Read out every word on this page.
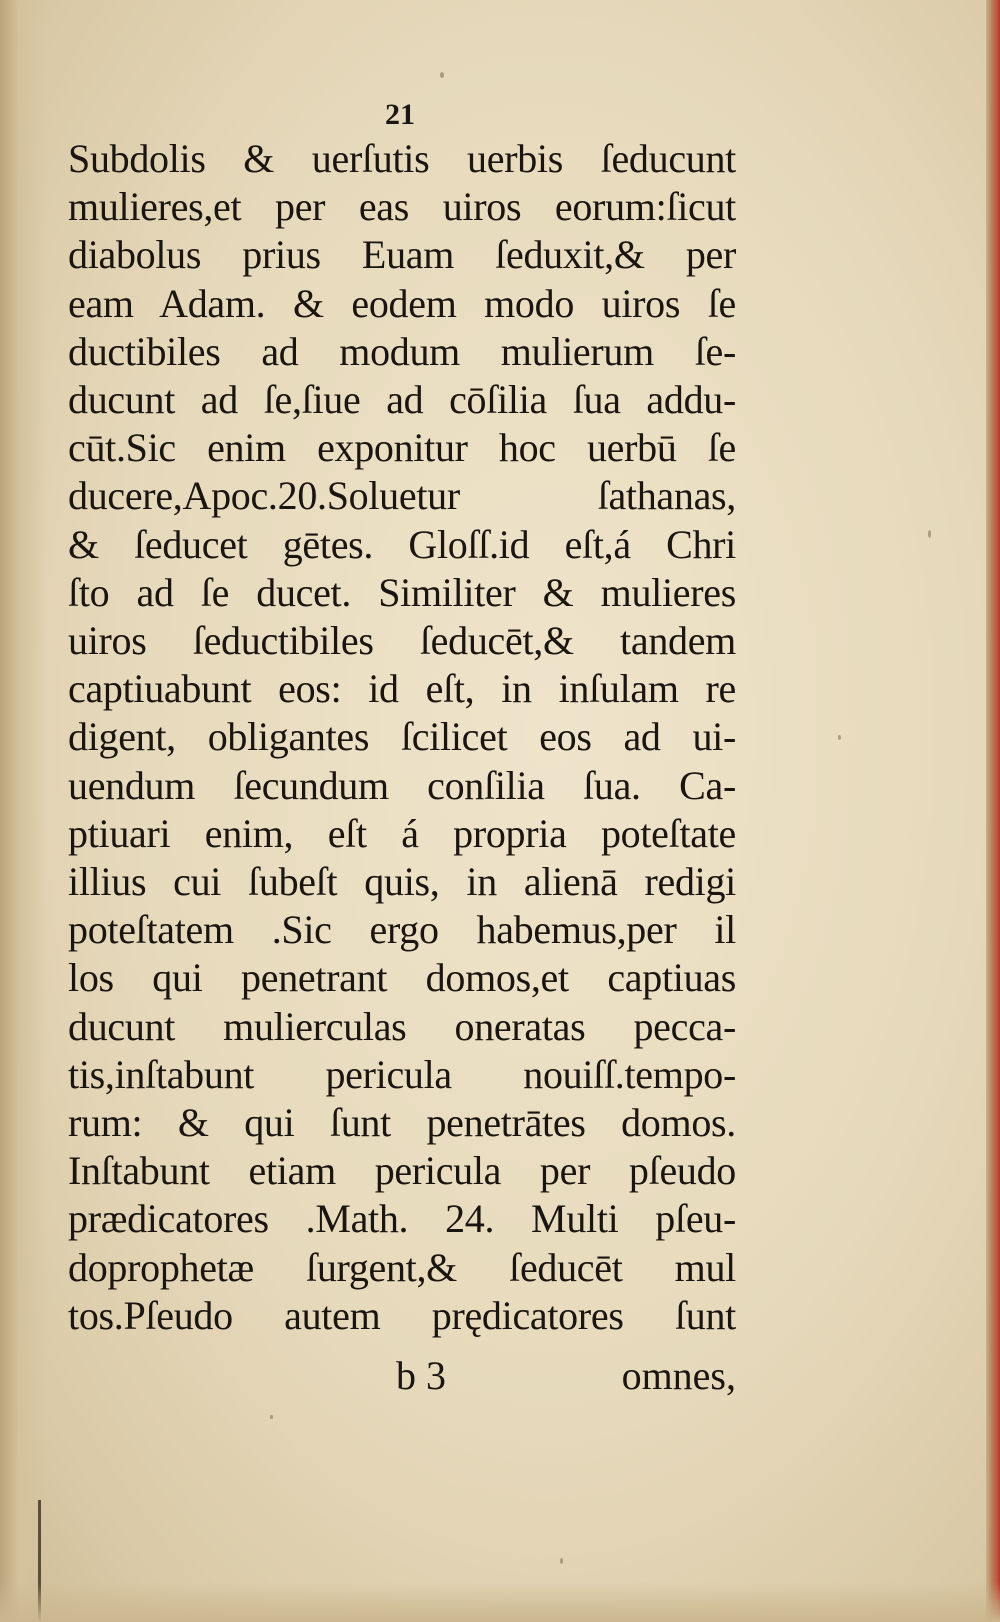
21
Subdolis & uerſutis uerbis ſeducunt
mulieres,et per eas uiros eorum:ſicut
diabolus prius Euam ſeduxit,& per
eam Adam. & eodem modo uiros ſe
ductibiles ad modum mulierum ſe-
ducunt ad ſe,ſiue ad cōſilia ſua addu-
cūt.Sic enim exponitur hoc uerbū ſe
ducere,Apoc.20.Soluetur ſathanas,
& ſeducet gētes. Gloſſ.id eſt,á Chri
ſto ad ſe ducet. Similiter & mulieres
uiros ſeductibiles ſeducēt,& tandem
captiuabunt eos: id eſt, in inſulam re
digent, obligantes ſcilicet eos ad ui-
uendum ſecundum conſilia ſua. Ca-
ptiuari enim, eſt á propria poteſtate
illius cui ſubeſt quis, in alienā redigi
poteſtatem .Sic ergo habemus,per il
los qui penetrant domos,et captiuas
ducunt mulierculas oneratas pecca-
tis,inſtabunt pericula nouiſſ.tempo-
rum: & qui ſunt penetrātes domos.
Inſtabunt etiam pericula per pſeudo
prædicatores .Math. 24. Multi pſeu-
doprophetæ ſurgent,& ſeducēt mul
tos.Pſeudo autem prędicatores ſunt
b 3	omnes,
